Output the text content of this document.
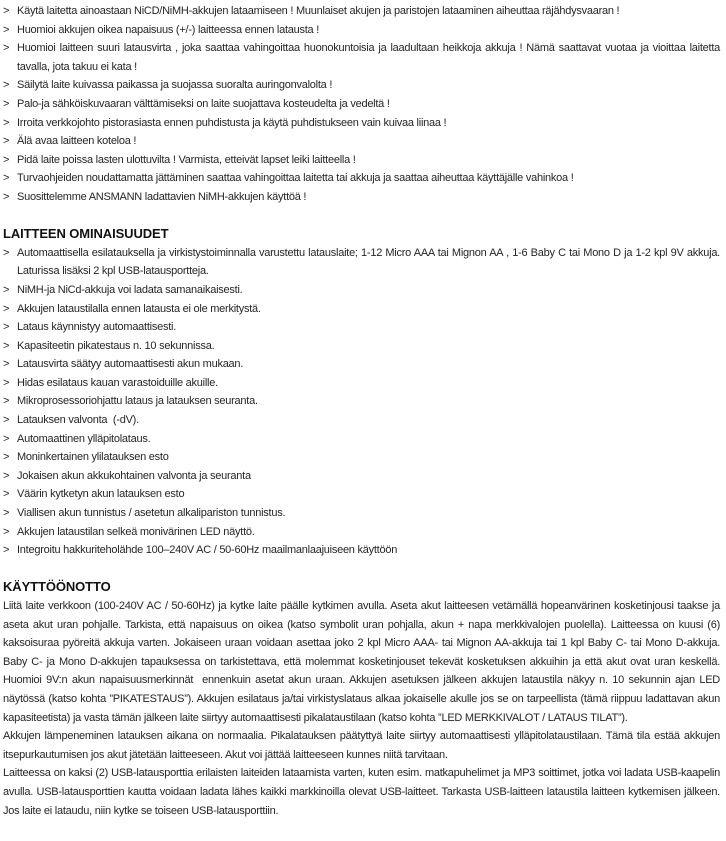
> Käytä laitetta ainoastaan NiCD/NiMH-akkujen lataamiseen ! Muunlaiset akujen ja paristojen lataaminen aiheuttaa räjähdysvaaran !
> Huomioi akkujen oikea napaisuus (+/-) laitteessa ennen latausta !
> Huomioi laitteen suuri latausvirta , joka saattaa vahingoittaa huonokuntoisia ja laadultaan heikkoja akkuja ! Nämä saattavat vuotaa ja vioittaa laitetta tavalla, jota takuu ei kata !
> Säilytä laite kuivassa paikassa ja suojassa suoralta auringonvalolta !
> Palo-ja sähköiskuvaaran välttämiseksi on laite suojattava kosteudelta ja vedeltä !
> Irroita verkkojohto pistorasiasta ennen puhdistusta ja käytä puhdistukseen vain kuivaa liinaa !
> Älä avaa laitteen koteloa !
> Pidä laite poissa lasten ulottuvilta ! Varmista, etteivät lapset leiki laitteella !
> Turvaohjeiden noudattamatta jättäminen saattaa vahingoittaa laitetta tai akkuja ja saattaa aiheuttaa käyttäjälle vahinkoa !
> Suosittelemme ANSMANN ladattavien NiMH-akkujen käyttöä !
LAITTEEN OMINAISUUDET
> Automaattisella esilatauksella ja virkistystoiminnalla varustettu latauslaite; 1-12 Micro AAA tai Mignon AA , 1-6 Baby C tai Mono D ja 1-2 kpl 9V akkuja. Laturissa lisäksi 2 kpl USB-latausportteja.
> NiMH-ja NiCd-akkuja voi ladata samanaikaisesti.
> Akkujen lataustilalla ennen latausta ei ole merkitystä.
> Lataus käynnistyy automaattisesti.
> Kapasiteetin pikatestaus n. 10 sekunnissa.
> Latausvirta säätyy automaattisesti akun mukaan.
> Hidas esilataus kauan varastoiduille akuille.
> Mikroprosessoriohjattu lataus ja latauksen seuranta.
> Latauksen valvonta  (-dV).
> Automaattinen ylläpitolataus.
> Moninkertainen ylilatauksen esto
> Jokaisen akun akkukohtainen valvonta ja seuranta
> Väärin kytketyn akun latauksen esto
> Viallisen akun tunnistus / asetetun alkalipariston tunnistus.
> Akkujen lataustilan selkeä monivärinen LED näyttö.
> Integroitu hakkuriteholähde 100–240V AC / 50-60Hz maailmanlaajuiseen käyttöön
KÄYTTÖÖNOTTO

Liitä laite verkkoon (100-240V AC / 50-60Hz) ja kytke laite päälle kytkimen avulla. Aseta akut laitteesen vetämällä hopeanvärinen kosketinjousi taakse ja aseta akut uran pohjalle. Tarkista, että napaisuus on oikea (katso symbolit uran pohjalla, akun + napa merkkivalojen puolella). Laitteessa on kuusi (6) kaksoisuraa pyöreitä akkuja varten. Jokaiseen uraan voidaan asettaa joko 2 kpl Micro AAA- tai Mignon AA-akkuja tai 1 kpl Baby C- tai Mono D-akkuja. Baby C- ja Mono D-akkujen tapauksessa on tarkistettava, että molemmat kosketinjouset tekevät kosketuksen akkuihin ja että akut ovat uran keskellä. Huomioi 9V:n akun napaisuusmerkinnät  ennenkuin asetat akun uraan. Akkujen asetuksen jälkeen akkujen lataustila näkyy n. 10 sekunnin ajan LED näytössä (katso kohta ”PIKATESTAUS”). Akkujen esilataus ja/tai virkistyslataus alkaa jokaiselle akulle jos se on tarpeellista (tämä riippuu ladattavan akun kapasiteetista) ja vasta tämän jälkeen laite siirtyy automaattisesti pikalataustilaan (katso kohta ”LED MERKKIVALOT / LATAUS TILAT”).

Akkujen lämpeneminen latauksen aikana on normaalia. Pikalatauksen päätyttyä laite siirtyy automaattisesti ylläpitolataustilaan. Tämä tila estää akkujen itsepurkautumisen jos akut jätetään laitteeseen. Akut voi jättää laitteeseen kunnes niitä tarvitaan.

Laitteessa on kaksi (2) USB-latausporttia erilaisten laiteiden lataamista varten, kuten esim. matkapuhelimet ja MP3 soittimet, jotka voi ladata USB-kaapelin avulla. USB-latausporttien kautta voidaan ladata lähes kaikki markkinoilla olevat USB-laitteet. Tarkasta USB-laitteen lataustila laitteen kytkemisen jälkeen. Jos laite ei lataudu, niin kytke se toiseen USB-latausporttiin.
